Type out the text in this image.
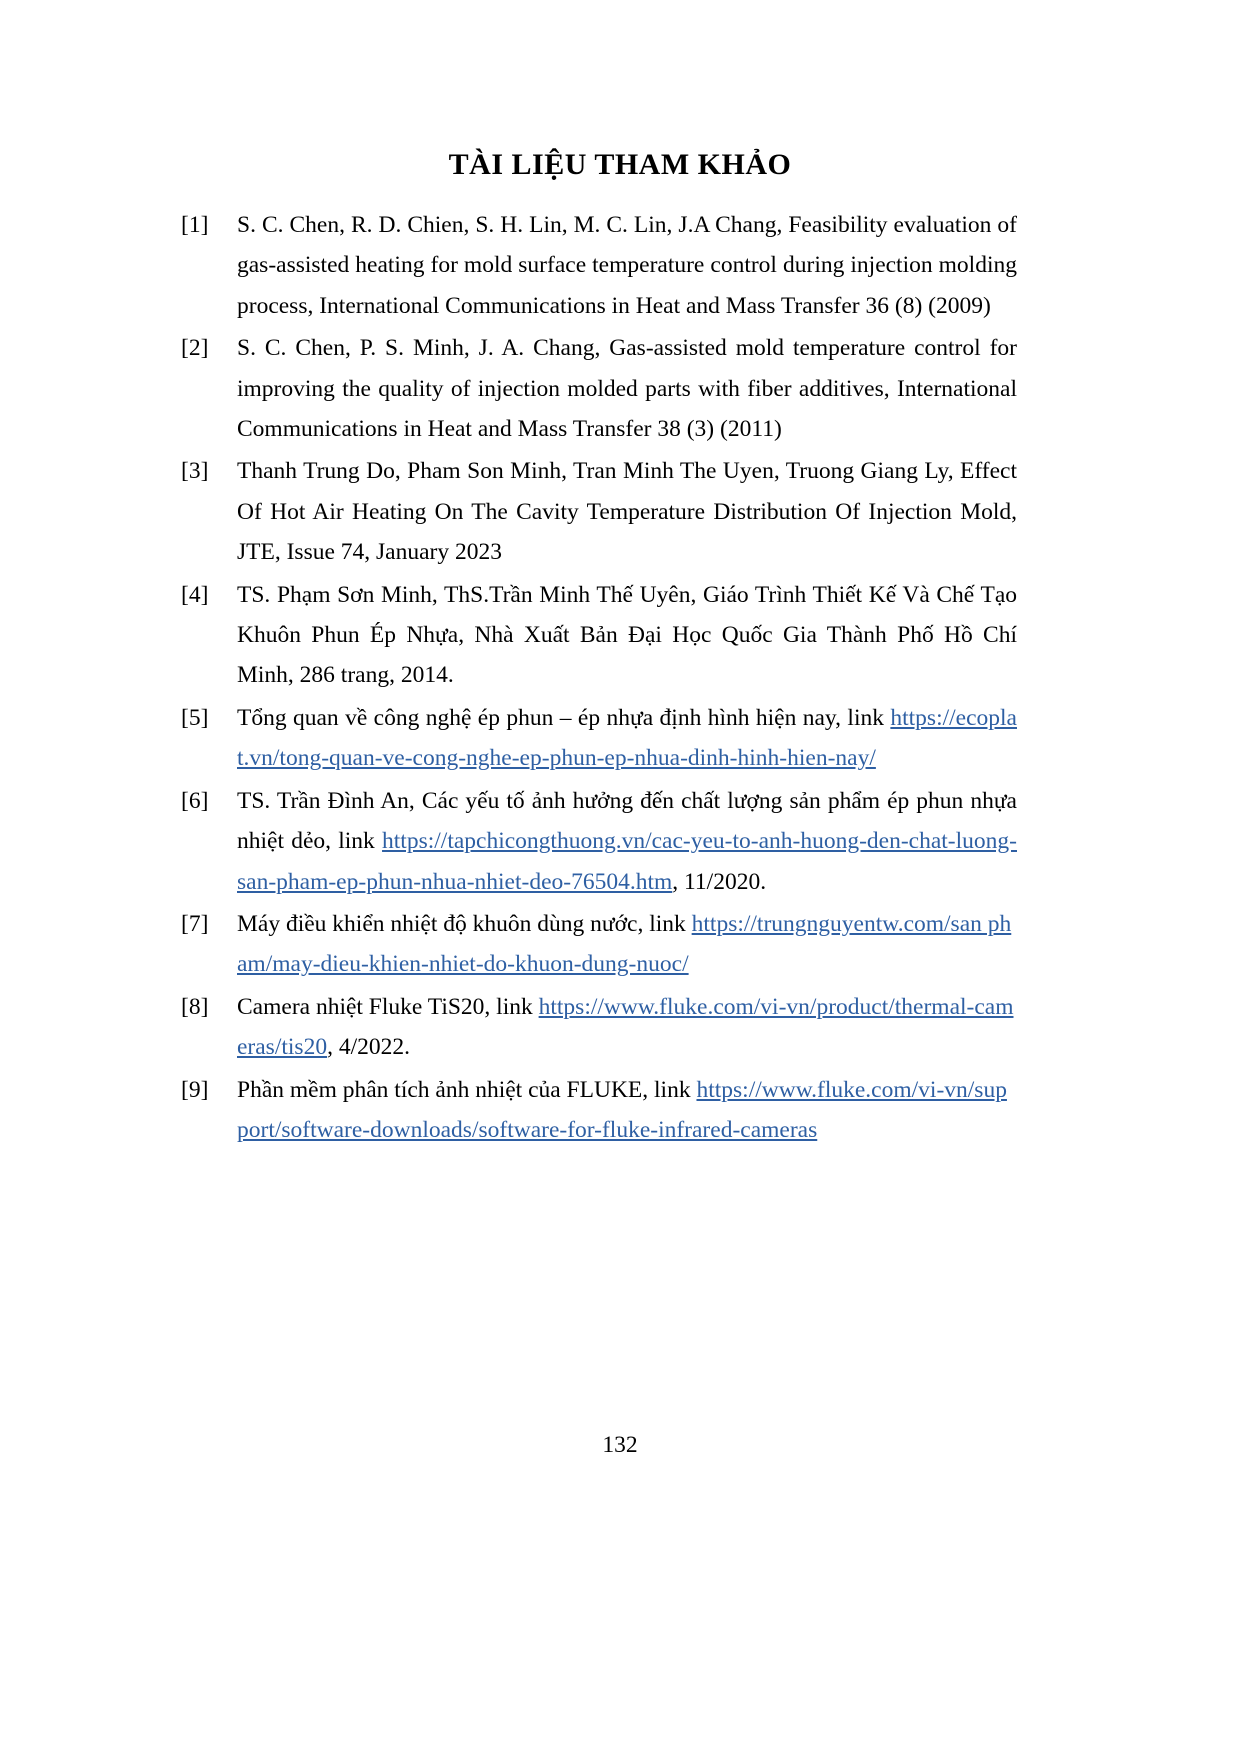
TÀI LIỆU THAM KHẢO
[1]	S. C. Chen, R. D. Chien, S. H. Lin, M. C. Lin, J.A Chang, Feasibility evaluation of gas-assisted heating for mold surface temperature control during injection molding process, International Communications in Heat and Mass Transfer 36 (8) (2009)
[2]	S. C. Chen, P. S. Minh, J. A. Chang, Gas-assisted mold temperature control for improving the quality of injection molded parts with fiber additives, International Communications in Heat and Mass Transfer 38 (3) (2011)
[3]	Thanh Trung Do, Pham Son Minh, Tran Minh The Uyen, Truong Giang Ly, Effect Of Hot Air Heating On The Cavity Temperature Distribution Of Injection Mold, JTE, Issue 74, January 2023
[4]	TS. Phạm Sơn Minh, ThS.Trần Minh Thế Uyên, Giáo Trình Thiết Kế Và Chế Tạo Khuôn Phun Ép Nhựa, Nhà Xuất Bản Đại Học Quốc Gia Thành Phố Hồ Chí Minh, 286 trang, 2014.
[5]	Tổng quan về công nghệ ép phun – ép nhựa định hình hiện nay, link https://ecoplat.vn/tong-quan-ve-cong-nghe-ep-phun-ep-nhua-dinh-hinh-hien-nay/
[6]	TS. Trần Đình An, Các yếu tố ảnh hưởng đến chất lượng sản phẩm ép phun nhựa nhiệt dẻo, link https://tapchicongthuong.vn/cac-yeu-to-anh-huong-den-chat-luong-san-pham-ep-phun-nhua-nhiet-deo-76504.htm, 11/2020.
[7]	Máy điều khiển nhiệt độ khuôn dùng nước, link https://trungnguyentw.com/san pham/may-dieu-khien-nhiet-do-khuon-dung-nuoc/
[8]	Camera nhiệt Fluke TiS20, link https://www.fluke.com/vi-vn/product/thermal-cameras/tis20, 4/2022.
[9]	Phần mềm phân tích ảnh nhiệt của FLUKE, link https://www.fluke.com/vi-vn/support/software-downloads/software-for-fluke-infrared-cameras
132
